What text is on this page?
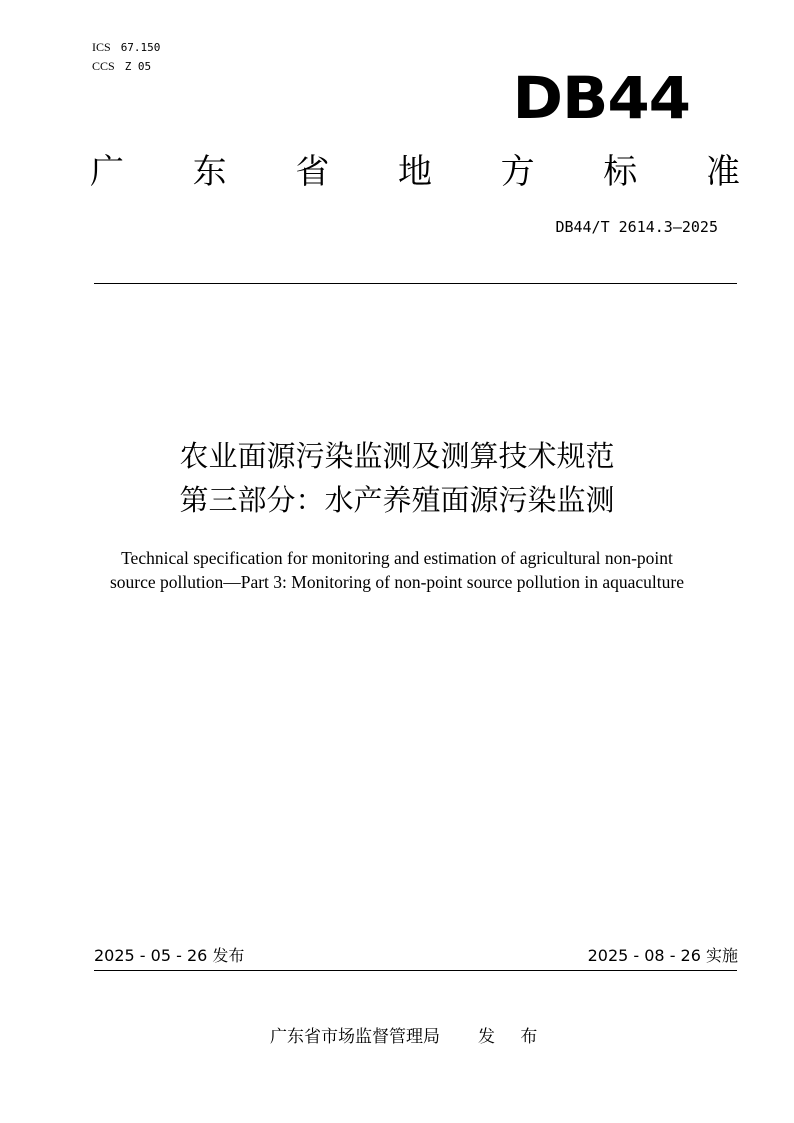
ICS 67.150
CCS Z 05	DB44
广 东 省 地 方 标 准
DB44/T 2614.3—2025
农业面源污染监测及测算技术规范
第三部分：水产养殖面源污染监测
Technical specification for monitoring and estimation of agricultural non-point
source pollution—Part 3: Monitoring of non-point source pollution in aquaculture
2025 - 05 - 26 发布	2025 - 08 - 26 实施
广东省市场监督管理局 发 布
